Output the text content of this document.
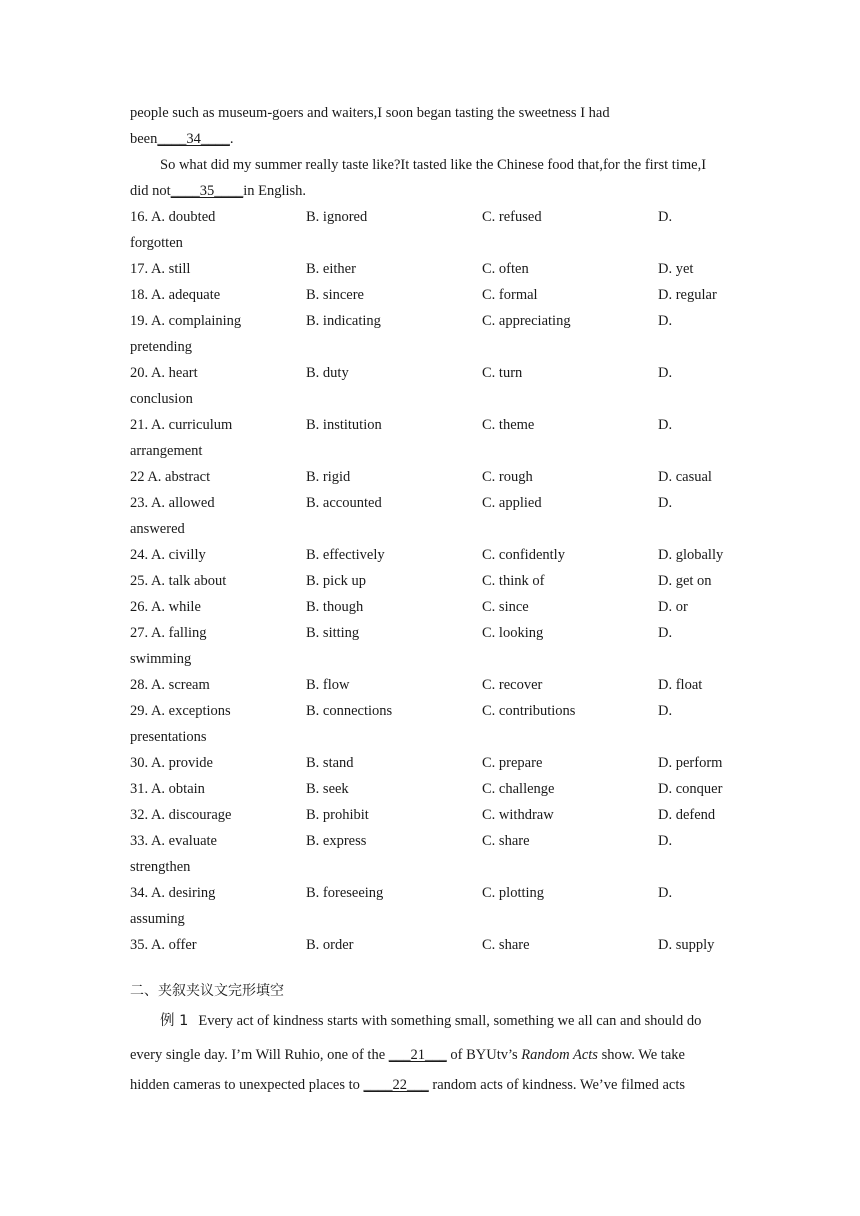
people such as museum-goers and waiters,I soon began tasting the sweetness I had
been____34____.
So what did my summer really taste like?It tasted like the Chinese food that,for the first time,I
did not____35____in English.
16. A. doubted	B. ignored	C. refused	D.
forgotten
17. A. still	B. either	C. often	D. yet
18. A. adequate	B. sincere	C. formal	D. regular
19. A. complaining	B. indicating	C. appreciating	D.
pretending
20. A. heart	B. duty	C. turn	D.
conclusion
21. A. curriculum	B. institution	C. theme	D.
arrangement
22 A. abstract	B. rigid	C. rough	D. casual
23. A. allowed	B. accounted	C. applied	D.
answered
24. A. civilly	B. effectively	C. confidently	D. globally
25. A. talk about	B. pick up	C. think of	D. get on
26. A. while	B. though	C. since	D. or
27. A. falling	B. sitting	C. looking	D.
swimming
28. A. scream	B. flow	C. recover	D. float
29. A. exceptions	B. connections	C. contributions	D.
presentations
30. A. provide	B. stand	C. prepare	D. perform
31. A. obtain	B. seek	C. challenge	D. conquer
32. A. discourage	B. prohibit	C. withdraw	D. defend
33. A. evaluate	B. express	C. share	D.
strengthen
34. A. desiring	B. foreseeing	C. plotting	D.
assuming
35. A. offer	B. order	C. share	D. supply
二、夹叙夹议文完形填空
例 1 Every act of kindness starts with something small, something we all can and should do
every single day. I’m Will Ruhio, one of the ___21___ of BYUtv’s Random Acts show. We take
hidden cameras to unexpected places to ____22___ random acts of kindness. We’ve filmed acts
